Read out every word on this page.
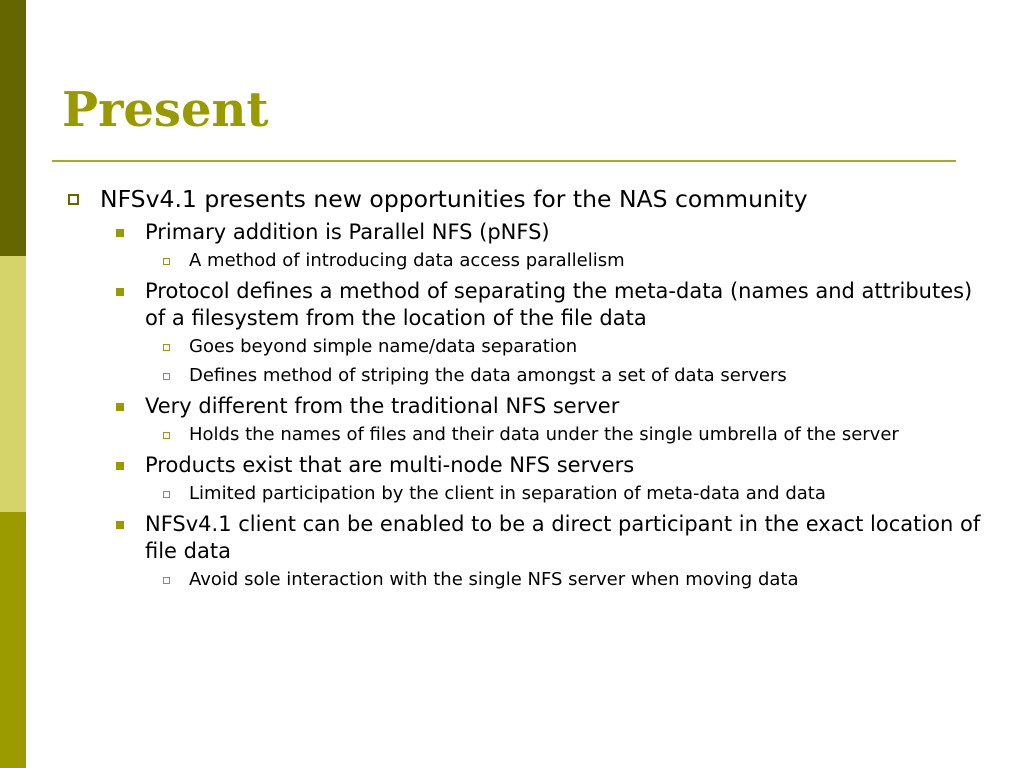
Present
NFSv4.1 presents new opportunities for the NAS community
Primary addition is Parallel NFS (pNFS)
A method of introducing data access parallelism
Protocol defines a method of separating the meta-data (names and attributes) of a filesystem from the location of the file data
Goes beyond simple name/data separation
Defines method of striping the data amongst a set of data servers
Very different from the traditional NFS server
Holds the names of files and their data under the single umbrella of the server
Products exist that are multi-node NFS servers
Limited participation by the client in separation of meta-data and data
NFSv4.1 client can be enabled to be a direct participant in the exact location of file data
Avoid sole interaction with the single NFS server when moving data
